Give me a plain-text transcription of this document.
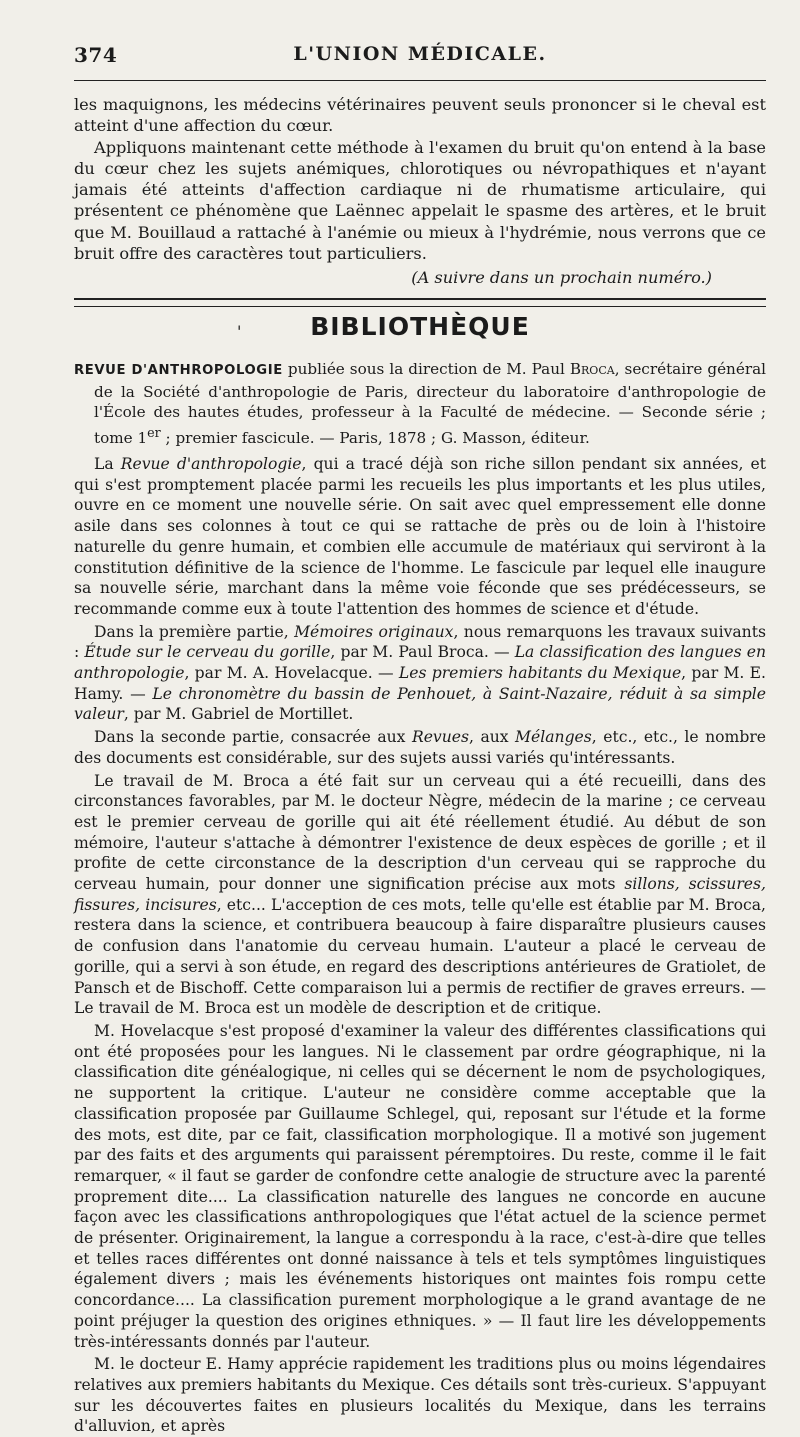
374	L'UNION MÉDICALE.

les maquignons, les médecins vétérinaires peuvent seuls prononcer si le cheval est atteint d'une affection du cœur.

Appliquons maintenant cette méthode à l'examen du bruit qu'on entend à la base du cœur chez les sujets anémiques, chlorotiques ou névropathiques et n'ayant jamais été atteints d'affection cardiaque ni de rhumatisme articulaire, qui présentent ce phénomène que Laënnec appelait le spasme des artères, et le bruit que M. Bouillaud a rattaché à l'anémie ou mieux à l'hydrémie, nous verrons que ce bruit offre des caractères tout particuliers.

(A suivre dans un prochain numéro.)

'	BIBLIOTHÈQUE

REVUE D'ANTHROPOLOGIE publiée sous la direction de M. Paul Broca, secrétaire général de la Société d'anthropologie de Paris, directeur du laboratoire d'anthropologie de l'École des hautes études, professeur à la Faculté de médecine. — Seconde série ; tome 1er ; premier fascicule. — Paris, 1878 ; G. Masson, éditeur.

La Revue d'anthropologie, qui a tracé déjà son riche sillon pendant six années, et qui s'est promptement placée parmi les recueils les plus importants et les plus utiles, ouvre en ce moment une nouvelle série. On sait avec quel empressement elle donne asile dans ses colonnes à tout ce qui se rattache de près ou de loin à l'histoire naturelle du genre humain, et combien elle accumule de matériaux qui serviront à la constitution définitive de la science de l'homme. Le fascicule par lequel elle inaugure sa nouvelle série, marchant dans la même voie féconde que ses prédécesseurs, se recommande comme eux à toute l'attention des hommes de science et d'étude.

Dans la première partie, Mémoires originaux, nous remarquons les travaux suivants : Étude sur le cerveau du gorille, par M. Paul Broca. — La classification des langues en anthropologie, par M. A. Hovelacque. — Les premiers habitants du Mexique, par M. E. Hamy. — Le chronomètre du bassin de Penhouet, à Saint-Nazaire, réduit à sa simple valeur, par M. Gabriel de Mortillet.

Dans la seconde partie, consacrée aux Revues, aux Mélanges, etc., etc., le nombre des documents est considérable, sur des sujets aussi variés qu'intéressants.

Le travail de M. Broca a été fait sur un cerveau qui a été recueilli, dans des circonstances favorables, par M. le docteur Nègre, médecin de la marine ; ce cerveau est le premier cerveau de gorille qui ait été réellement étudié. Au début de son mémoire, l'auteur s'attache à démontrer l'existence de deux espèces de gorille ; et il profite de cette circonstance de la description d'un cerveau qui se rapproche du cerveau humain, pour donner une signification précise aux mots sillons, scissures, fissures, incisures, etc... L'acception de ces mots, telle qu'elle est établie par M. Broca, restera dans la science, et contribuera beaucoup à faire disparaître plusieurs causes de confusion dans l'anatomie du cerveau humain. L'auteur a placé le cerveau de gorille, qui a servi à son étude, en regard des descriptions antérieures de Gratiolet, de Pansch et de Bischoff. Cette comparaison lui a permis de rectifier de graves erreurs. — Le travail de M. Broca est un modèle de description et de critique.

M. Hovelacque s'est proposé d'examiner la valeur des différentes classifications qui ont été proposées pour les langues. Ni le classement par ordre géographique, ni la classification dite généalogique, ni celles qui se décernent le nom de psychologiques, ne supportent la critique. L'auteur ne considère comme acceptable que la classification proposée par Guillaume Schlegel, qui, reposant sur l'étude et la forme des mots, est dite, par ce fait, classification morphologique. Il a motivé son jugement par des faits et des arguments qui paraissent péremptoires. Du reste, comme il le fait remarquer, « il faut se garder de confondre cette analogie de structure avec la parenté proprement dite.... La classification naturelle des langues ne concorde en aucune façon avec les classifications anthropologiques que l'état actuel de la science permet de présenter. Originairement, la langue a correspondu à la race, c'est-à-dire que telles et telles races différentes ont donné naissance à tels et tels symptômes linguistiques également divers ; mais les événements historiques ont maintes fois rompu cette concordance.... La classification purement morphologique a le grand avantage de ne point préjuger la question des origines ethniques. » — Il faut lire les développements très-intéressants donnés par l'auteur.

M. le docteur E. Hamy apprécie rapidement les traditions plus ou moins légendaires relatives aux premiers habitants du Mexique. Ces détails sont très-curieux. S'appuyant sur les découvertes faites en plusieurs localités du Mexique, dans les terrains d'alluvion, et après
